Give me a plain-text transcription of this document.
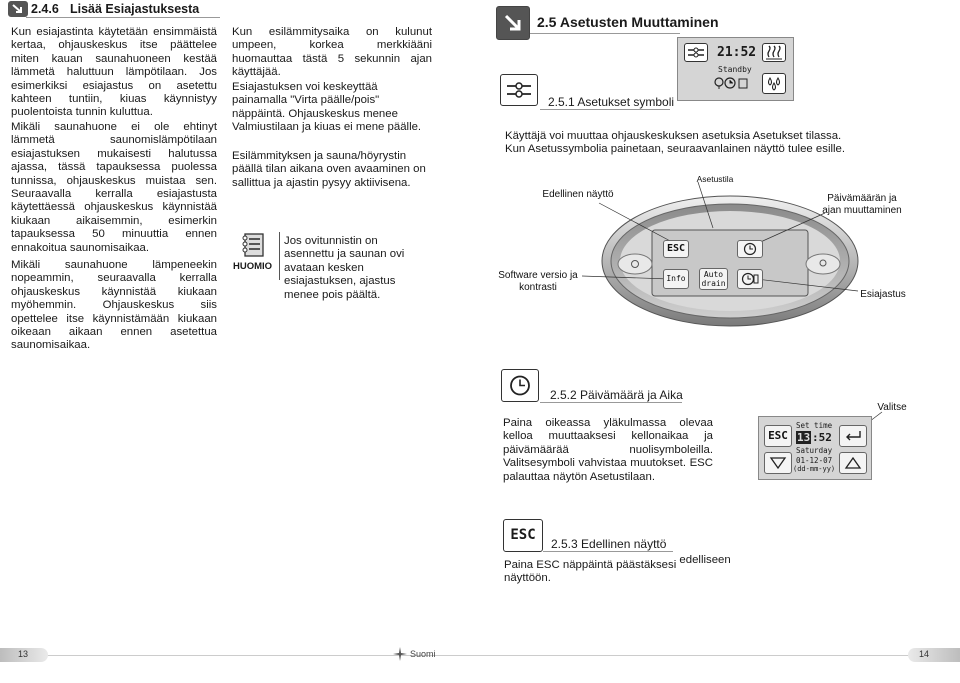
2.4.6 Lisää Esiajastuksesta

Kun esiajastinta käytetään ensimmäistä kertaa, ohjauskeskus itse päättelee miten kauan saunahuoneen kestää lämmetä haluttuun lämpötilaan. Jos esimerkiksi esiajastus on asetettu kahteen tuntiin, kiuas käynnistyy puolentoista tunnin kuluttua.

Mikäli saunahuone ei ole ehtinyt lämmetä saunomislämpötilaan esiajastuksen mukaisesti halutussa ajassa, tässä tapauksessa puolessa tunnissa, ohjauskeskus muistaa sen. Seuraavalla kerralla esiajastusta käytettäessä ohjauskeskus käynnistää kiukaan aikaisemmin, esimerkin tapauksessa 50 minuuttia ennen ennakoitua saunomisaikaa.

Mikäli saunahuone lämpeneekin nopeammin, seuraavalla kerralla ohjauskeskus käynnistää kiukaan myöhemmin. Ohjauskeskus siis opettelee itse käynnistämään kiukaan oikeaan aikaan ennen asetettua saunomisaikaa.

Kun esilämmitysaika on kulunut umpeen, korkea merkkiääni huomauttaa tästä 5 sekunnin ajan käyttäjää.

Esiajastuksen voi keskeyttää painamalla "Virta päälle/pois" näppäintä. Ohjauskeskus menee Valmiustilaan ja kiuas ei mene päälle.

Esilämmityksen ja sauna/höyrystin päällä tilan aikana oven avaaminen on sallittua ja ajastin pysyy aktiivisena.

HUOMIO

Jos ovitunnistin on asennettu ja saunan ovi avataan kesken esiajastuksen, ajastus menee pois päältä.

2.5 Asetusten Muuttaminen
21:52
Standby
2.5.1 Asetukset symboli

Käyttäjä voi muuttaa ohjauskeskuksen asetuksia Asetukset tilassa. Kun Asetussymbolia painetaan, seuraavanlainen näyttö tulee esille.

Asetustila
Edellinen näyttö	Päivämäärän ja ajan muuttaminen
Software versio ja kontrasti
Esiajastus
ESC
Info	Auto
drain
2.5.2 Päivämäärä ja Aika

Paina oikeassa yläkulmassa olevaa kelloa muuttaaksesi kellonaikaa ja päivämäärää nuolisymboleilla. Valitsesymboli vahvistaa muutokset. ESC palauttaa näytön Asetustilaan.

Valitse
ESC
Set time
13 :52
Saturday
01-12-07
(dd-mm-yy)
ESC
2.5.3 Edellinen näyttö
Paina ESC näppäintä päästäksesi edelliseen
näyttöön.
13	14
Suomi
